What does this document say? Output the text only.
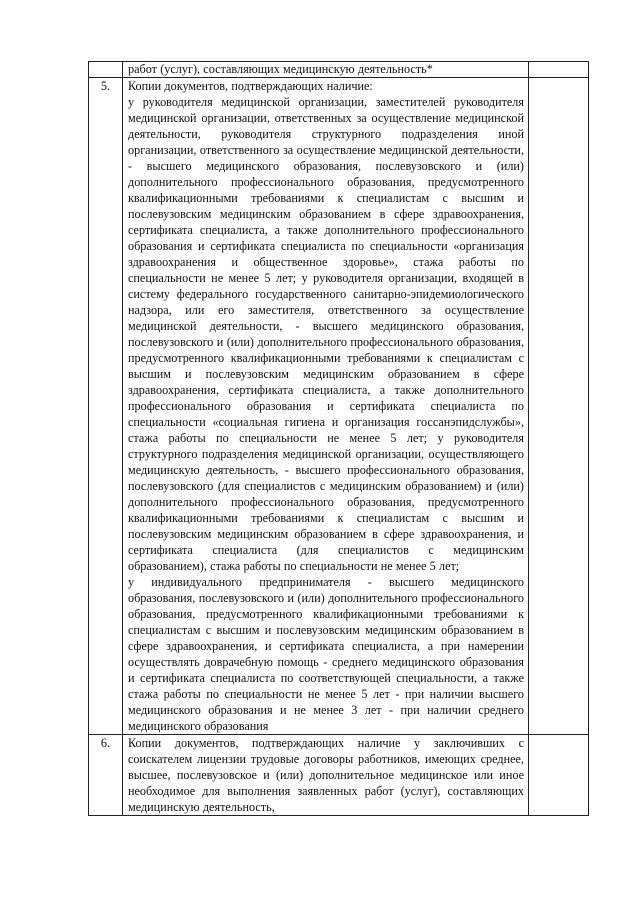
	работ (услуг), составляющих медицинскую деятельность*	

5.	Копии документов, подтверждающих наличие:

у руководителя медицинской организации, заместителей руководителя медицинской организации, ответственных за осуществление медицинской деятельности, руководителя структурного подразделения иной организации, ответственного за осуществление медицинской деятельности, - высшего медицинского образования, послевузовского и (или) дополнительного профессионального образования, предусмотренного квалификационными требованиями к специалистам с высшим и послевузовским медицинским образованием в сфере здравоохранения, сертификата специалиста, а также дополнительного профессионального образования и сертификата специалиста по специальности «организация здравоохранения и общественное здоровье», стажа работы по специальности не менее 5 лет; у руководителя организации, входящей в систему федерального государственного санитарно-эпидемиологического надзора, или его заместителя, ответственного за осуществление медицинской деятельности, - высшего медицинского образования, послевузовского и (или) дополнительного профессионального образования, предусмотренного квалификационными требованиями к специалистам с высшим и послевузовским медицинским образованием в сфере здравоохранения, сертификата специалиста, а также дополнительного профессионального образования и сертификата специалиста по специальности «социальная гигиена и организация госсанэпидслужбы», стажа работы по специальности не менее 5 лет; у руководителя структурного подразделения медицинской организации, осуществляющего медицинскую деятельность, - высшего профессионального образования, послевузовского (для специалистов с медицинским образованием) и (или) дополнительного профессионального образования, предусмотренного квалификационными требованиями к специалистам с высшим и послевузовским медицинским образованием в сфере здравоохранения, и сертификата специалиста (для специалистов с медицинским образованием), стажа работы по специальности не менее 5 лет;

у индивидуального предпринимателя - высшего медицинского образования, послевузовского и (или) дополнительного профессионального образования, предусмотренного квалификационными требованиями к специалистам с высшим и послевузовским медицинским образованием в сфере здравоохранения, и сертификата специалиста, а при намерении осуществлять доврачебную помощь - среднего медицинского образования и сертификата специалиста по соответствующей специальности, а также стажа работы по специальности не менее 5 лет - при наличии высшего медицинского образования и не менее 3 лет - при наличии среднего медицинского образования	

6.	Копии документов, подтверждающих наличие у заключивших с соискателем лицензии трудовые договоры работников, имеющих среднее, высшее, послевузовское и (или) дополнительное медицинское или иное необходимое для выполнения заявленных работ (услуг), составляющих медицинскую деятельность,	
